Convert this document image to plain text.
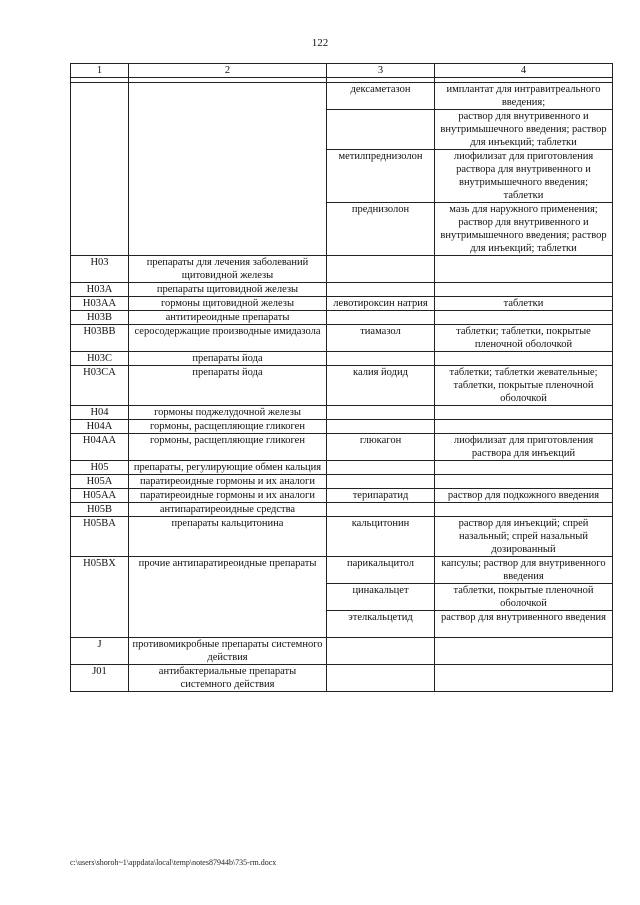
122
1	2	3	4

		дексаметазон	имплантат для интравитреального введения;
			раствор для внутривенного и внутримышечного введения; раствор для инъекций; таблетки
		метилпреднизолон	лиофилизат для приготовления раствора для внутривенного и внутримышечного введения; таблетки
		преднизолон	мазь для наружного применения; раствор для внутривенного и внутримышечного введения; раствор для инъекций; таблетки
H03	препараты для лечения заболеваний щитовидной железы		
H03A	препараты щитовидной железы		
H03AA	гормоны щитовидной железы	левотироксин натрия	таблетки
H03B	антитиреоидные препараты		
H03BB	серосодержащие производные имидазола	тиамазол	таблетки; таблетки, покрытые пленочной оболочкой
H03C	препараты йода		
H03CA	препараты йода	калия йодид	таблетки; таблетки жевательные; таблетки, покрытые пленочной оболочкой
H04	гормоны поджелудочной железы		
H04A	гормоны, расщепляющие гликоген		
H04AA	гормоны, расщепляющие гликоген	глюкагон	лиофилизат для приготовления раствора для инъекций
H05	препараты, регулирующие обмен кальция		
H05A	паратиреоидные гормоны и их аналоги		
H05AA	паратиреоидные гормоны и их аналоги	терипаратид	раствор для подкожного введения
H05B	антипаратиреоидные средства		
H05BA	препараты кальцитонина	кальцитонин	раствор для инъекций; спрей назальный; спрей назальный дозированный
H05BX	прочие антипаратиреоидные препараты	парикальцитол	капсулы; раствор для внутривенного введения
		цинакальцет	таблетки, покрытые пленочной оболочкой
		этелкальцетид	раствор для внутривенного введения
J	противомикробные препараты системного действия		
J01	антибактериальные препараты системного действия		
c:\users\shoroh~1\appdata\local\temp\notes87944b\735-rm.docx
